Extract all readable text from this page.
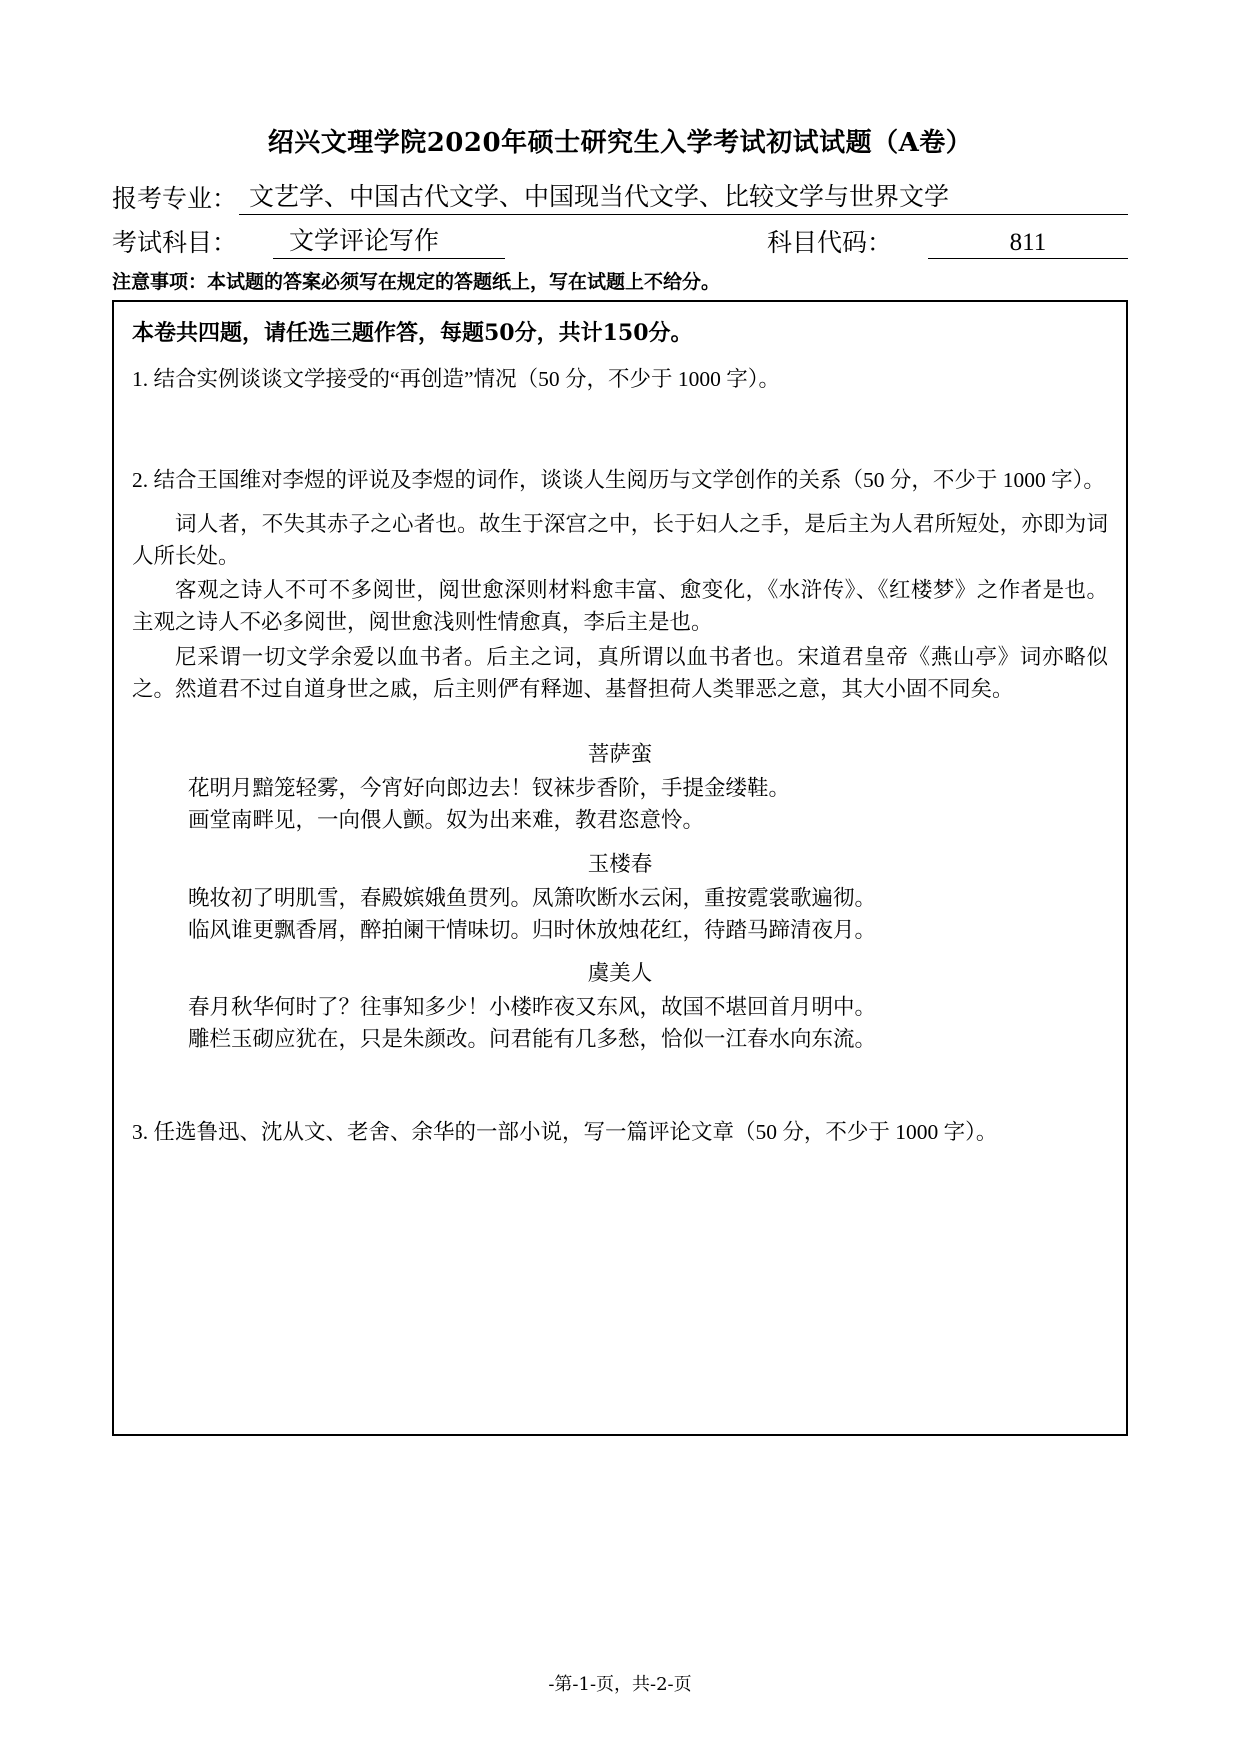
绍兴文理学院2020年硕士研究生入学考试初试试题（A卷）
报考专业： 文艺学、中国古代文学、中国现当代文学、比较文学与世界文学
考试科目：	文学评论写作	科目代码：	811
注意事项：本试题的答案必须写在规定的答题纸上，写在试题上不给分。
本卷共四题，请任选三题作答，每题50分，共计150分。
1. 结合实例谈谈文学接受的“再创造”情况（50 分，不少于 1000 字）。
2. 结合王国维对李煜的评说及李煜的词作，谈谈人生阅历与文学创作的关系（50 分，不少于 1000 字）。
词人者，不失其赤子之心者也。故生于深宫之中，长于妇人之手，是后主为人君所短处，亦即为词人所长处。
客观之诗人不可不多阅世，阅世愈深则材料愈丰富、愈变化，《水浒传》、《红楼梦》之作者是也。主观之诗人不必多阅世，阅世愈浅则性情愈真，李后主是也。
尼采谓一切文学余爱以血书者。后主之词，真所谓以血书者也。宋道君皇帝《燕山亭》词亦略似之。然道君不过自道身世之戚，后主则俨有释迦、基督担荷人类罪恶之意，其大小固不同矣。
菩萨蛮
花明月黯笼轻雾，今宵好向郎边去！钗袜步香阶，手提金缕鞋。
画堂南畔见，一向偎人颤。奴为出来难，教君恣意怜。
玉楼春
晚妆初了明肌雪，春殿嫔娥鱼贯列。凤箫吹断水云闲，重按霓裳歌遍彻。
临风谁更飘香屑，醉拍阑干情味切。归时休放烛花红，待踏马蹄清夜月。
虞美人
春月秋华何时了？往事知多少！小楼昨夜又东风，故国不堪回首月明中。
雕栏玉砌应犹在，只是朱颜改。问君能有几多愁，恰似一江春水向东流。
3. 任选鲁迅、沈从文、老舍、余华的一部小说，写一篇评论文章（50 分，不少于 1000 字）。
-第-1-页，共-2-页
